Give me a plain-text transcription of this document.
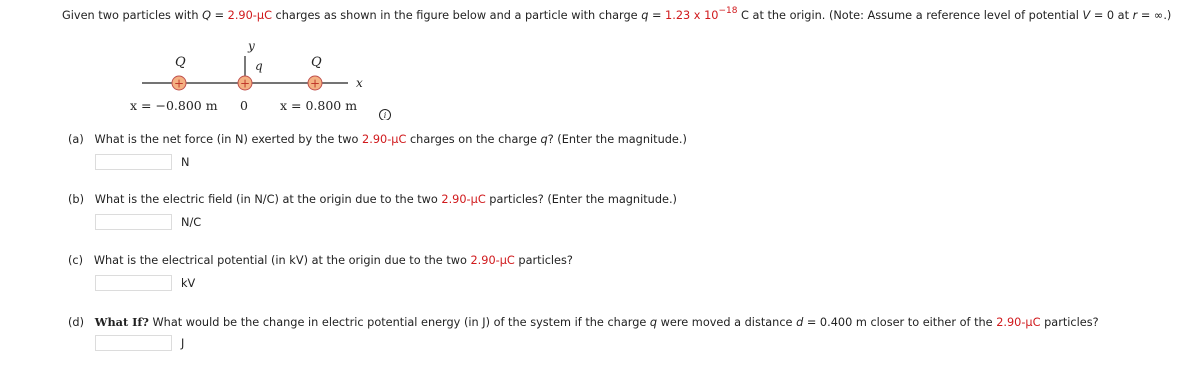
Given two particles with Q = 2.90-μC charges as shown in the figure below and a particle with charge q = 1.23 x $10^{-18}$ C at the origin. (Note: Assume a reference level of potential V = 0 at r = ∞.)
y
q
Q
+	+
Q
+	x
x = −0.800 m 0	x = 0.800 m
i
(a) What is the net force (in N) exerted by the two 2.90-μC charges on the charge q? (Enter the magnitude.)
N
(b) What is the electric field (in N/C) at the origin due to the two 2.90-μC particles? (Enter the magnitude.)
N/C
(c) What is the electrical potential (in kV) at the origin due to the two 2.90-μC particles?
kV
(d) What If? What would be the change in electric potential energy (in J) of the system if the charge q were moved a distance d = 0.400 m closer to either of the 2.90-μC particles?
J
